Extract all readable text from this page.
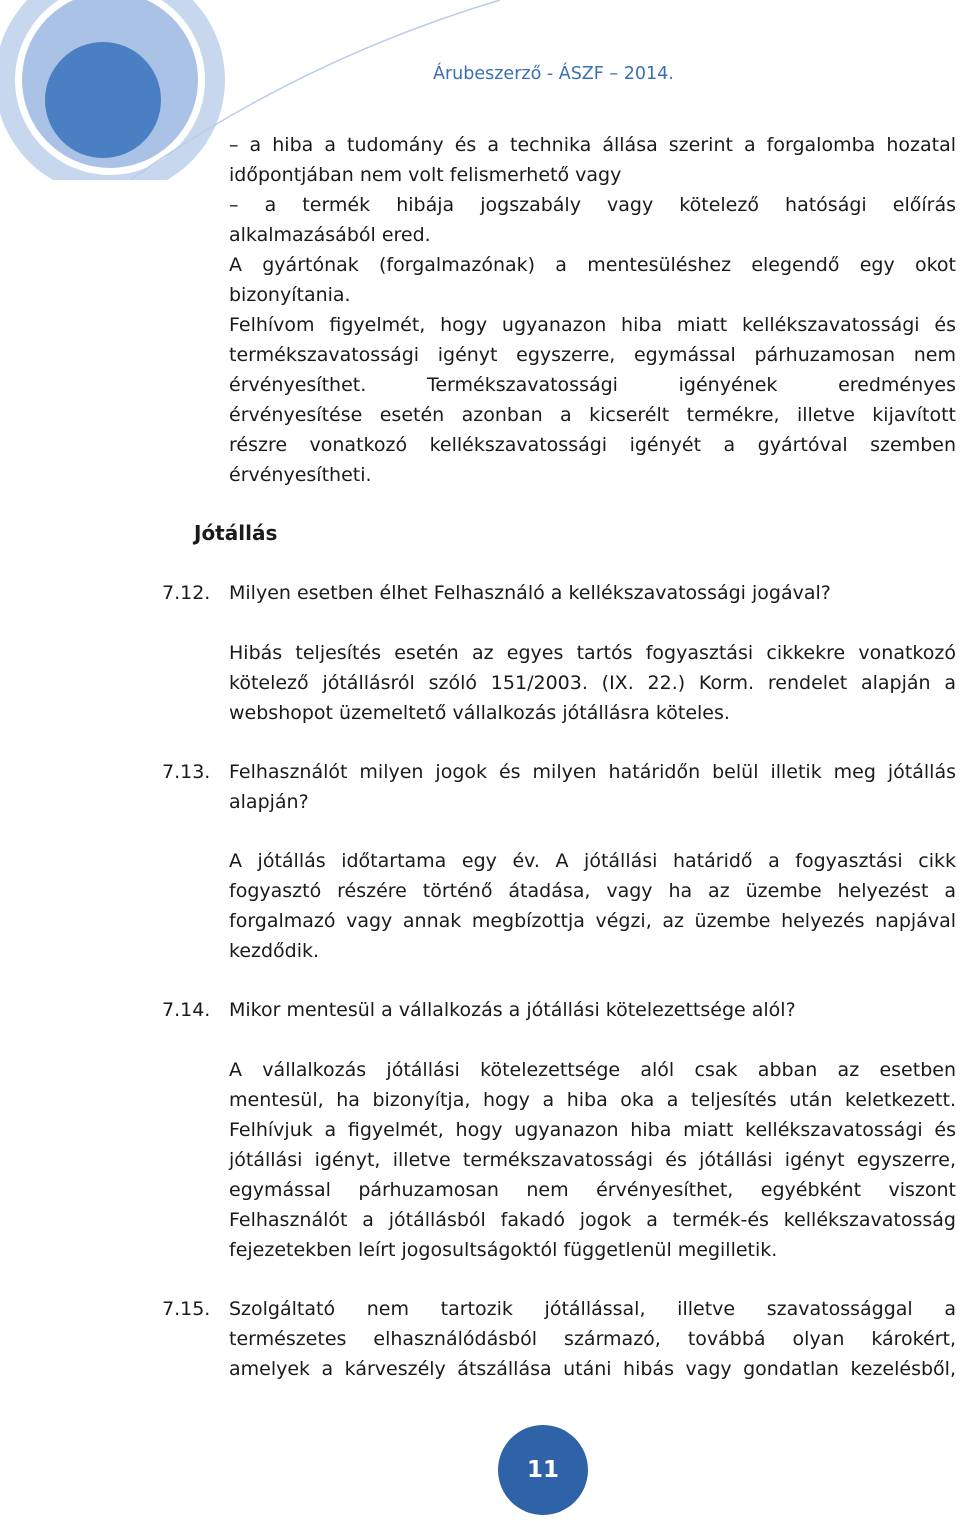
Árubeszerző - ÁSZF – 2014.
– a hiba a tudomány és a technika állása szerint a forgalomba hozatal
időpontjában nem volt felismerhető vagy
– a termék hibája jogszabály vagy kötelező hatósági előírás
alkalmazásából ered.
A gyártónak (forgalmazónak) a mentesüléshez elegendő egy okot
bizonyítania.
Felhívom figyelmét, hogy ugyanazon hiba miatt kellékszavatossági és
termékszavatossági igényt egyszerre, egymással párhuzamosan nem
érvényesíthet. Termékszavatossági igényének eredményes
érvényesítése esetén azonban a kicserélt termékre, illetve kijavított
részre vonatkozó kellékszavatossági igényét a gyártóval szemben
érvényesítheti.
Jótállás
7.12. Milyen esetben élhet Felhasználó a kellékszavatossági jogával?
Hibás teljesítés esetén az egyes tartós fogyasztási cikkekre vonatkozó
kötelező jótállásról szóló 151/2003. (IX. 22.) Korm. rendelet alapján a
webshopot üzemeltető vállalkozás jótállásra köteles.
7.13. Felhasználót milyen jogok és milyen határidőn belül illetik meg jótállás
alapján?
A jótállás időtartama egy év. A jótállási határidő a fogyasztási cikk
fogyasztó részére történő átadása, vagy ha az üzembe helyezést a
forgalmazó vagy annak megbízottja végzi, az üzembe helyezés napjával
kezdődik.
7.14. Mikor mentesül a vállalkozás a jótállási kötelezettsége alól?
A vállalkozás jótállási kötelezettsége alól csak abban az esetben
mentesül, ha bizonyítja, hogy a hiba oka a teljesítés után keletkezett.
Felhívjuk a figyelmét, hogy ugyanazon hiba miatt kellékszavatossági és
jótállási igényt, illetve termékszavatossági és jótállási igényt egyszerre,
egymással párhuzamosan nem érvényesíthet, egyébként viszont
Felhasználót a jótállásból fakadó jogok a termék-és kellékszavatosság
fejezetekben leírt jogosultságoktól függetlenül megilletik.
7.15. Szolgáltató nem tartozik jótállással, illetve szavatossággal a
természetes elhasználódásból származó, továbbá olyan károkért,
amelyek a kárveszély átszállása utáni hibás vagy gondatlan kezelésből,
11
